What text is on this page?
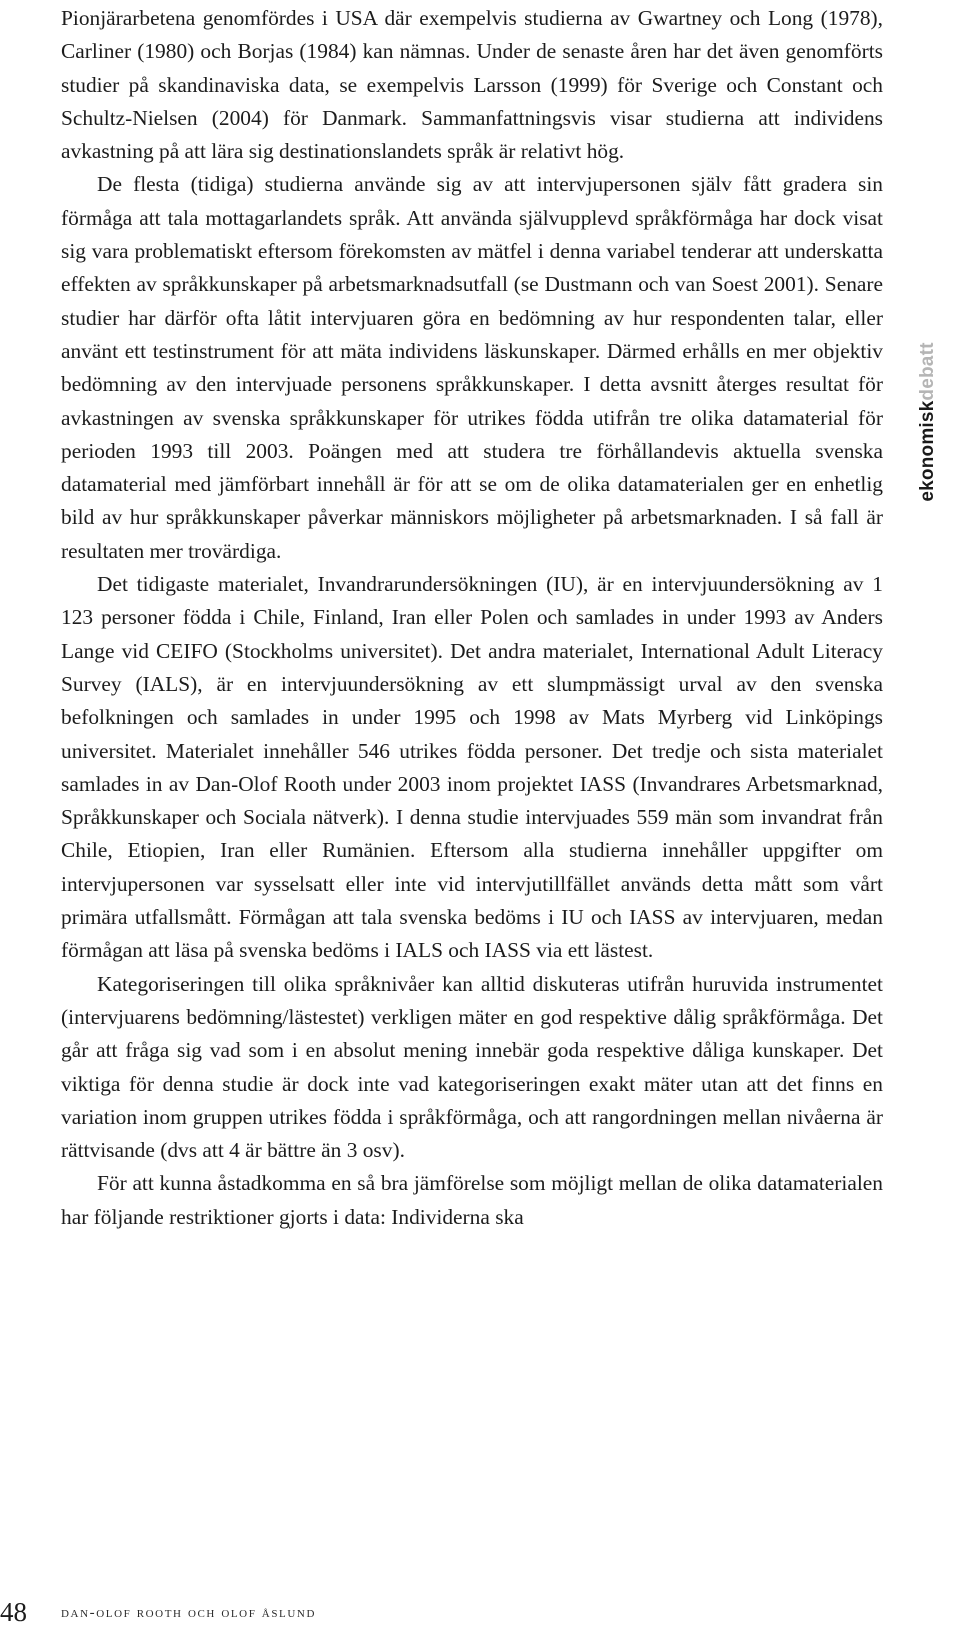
Pionjärarbetena genomfördes i USA där exempelvis studierna av Gwartney och Long (1978), Carliner (1980) och Borjas (1984) kan nämnas. Under de senaste åren har det även genomförts studier på skandinaviska data, se exempelvis Larsson (1999) för Sverige och Constant och Schultz-Nielsen (2004) för Danmark. Sammanfattningsvis visar studierna att individens avkastning på att lära sig destinationslandets språk är relativt hög.

De flesta (tidiga) studierna använde sig av att intervjupersonen själv fått gradera sin förmåga att tala mottagarlandets språk. Att använda självupplevd språkförmåga har dock visat sig vara problematiskt eftersom förekomsten av mätfel i denna variabel tenderar att underskatta effekten av språkkunskaper på arbetsmarknadsutfall (se Dustmann och van Soest 2001). Senare studier har därför ofta låtit intervjuaren göra en bedömning av hur respondenten talar, eller använt ett testinstrument för att mäta individens läskunskaper. Därmed erhålls en mer objektiv bedömning av den intervjuade personens språkkunskaper. I detta avsnitt återges resultat för avkastningen av svenska språkkunskaper för utrikes födda utifrån tre olika datamaterial för perioden 1993 till 2003. Poängen med att studera tre förhållandevis aktuella svenska datamaterial med jämförbart innehåll är för att se om de olika datamaterialen ger en enhetlig bild av hur språkkunskaper påverkar människors möjligheter på arbetsmarknaden. I så fall är resultaten mer trovärdiga.

Det tidigaste materialet, Invandrarundersökningen (IU), är en intervjuundersökning av 1 123 personer födda i Chile, Finland, Iran eller Polen och samlades in under 1993 av Anders Lange vid CEIFO (Stockholms universitet). Det andra materialet, International Adult Literacy Survey (IALS), är en intervjuundersökning av ett slumpmässigt urval av den svenska befolkningen och samlades in under 1995 och 1998 av Mats Myrberg vid Linköpings universitet. Materialet innehåller 546 utrikes födda personer. Det tredje och sista materialet samlades in av Dan-Olof Rooth under 2003 inom projektet IASS (Invandrares Arbetsmarknad, Språkkunskaper och Sociala nätverk). I denna studie intervjuades 559 män som invandrat från Chile, Etiopien, Iran eller Rumänien. Eftersom alla studierna innehåller uppgifter om intervjupersonen var sysselsatt eller inte vid intervjutillfället används detta mått som vårt primära utfallsmått. Förmågan att tala svenska bedöms i IU och IASS av intervjuaren, medan förmågan att läsa på svenska bedöms i IALS och IASS via ett lästest.

Kategoriseringen till olika språknivåer kan alltid diskuteras utifrån huruvida instrumentet (intervjuarens bedömning/lästestet) verkligen mäter en god respektive dålig språkförmåga. Det går att fråga sig vad som i en absolut mening innebär goda respektive dåliga kunskaper. Det viktiga för denna studie är dock inte vad kategoriseringen exakt mäter utan att det finns en variation inom gruppen utrikes födda i språkförmåga, och att rangordningen mellan nivåerna är rättvisande (dvs att 4 är bättre än 3 osv).

För att kunna åstadkomma en så bra jämförelse som möjligt mellan de olika datamaterialen har följande restriktioner gjorts i data: Individerna ska

ekonomiskdebatt
48 dan-olof rooth och olof åslund
